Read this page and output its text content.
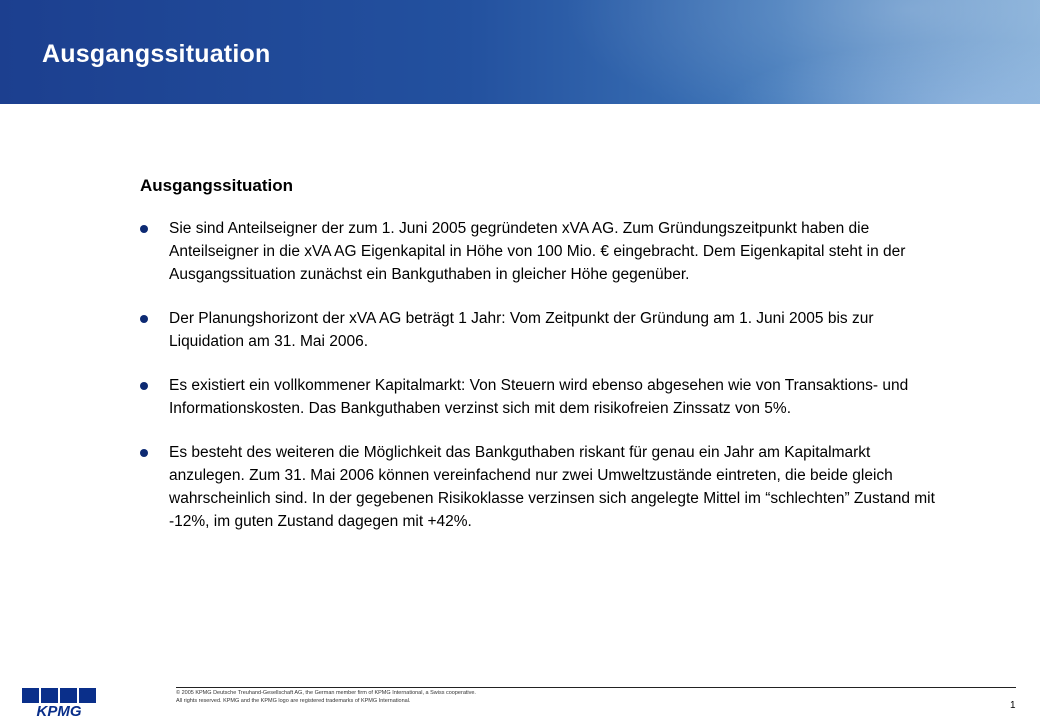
Ausgangssituation
Ausgangssituation
Sie sind Anteilseigner der zum 1. Juni 2005 gegründeten xVA AG. Zum Gründungszeitpunkt haben die Anteilseigner in die xVA AG Eigenkapital in Höhe von 100 Mio. € eingebracht. Dem Eigenkapital steht in der Ausgangssituation zunächst ein Bankguthaben in gleicher Höhe gegenüber.
Der Planungshorizont der xVA AG beträgt 1 Jahr: Vom Zeitpunkt der Gründung am 1. Juni 2005 bis zur Liquidation am 31. Mai 2006.
Es existiert ein vollkommener Kapitalmarkt: Von Steuern wird ebenso abgesehen wie von Transaktions- und Informationskosten. Das Bankguthaben verzinst sich mit dem risikofreien Zinssatz von 5%.
Es besteht des weiteren die Möglichkeit das Bankguthaben riskant für genau ein Jahr am Kapitalmarkt anzulegen. Zum 31. Mai 2006 können vereinfachend nur zwei Umweltzustände eintreten, die beide gleich wahrscheinlich sind. In der gegebenen Risikoklasse verzinsen sich angelegte Mittel im “schlechten” Zustand mit -12%, im guten Zustand dagegen mit +42%.
KPMG
© 2005 KPMG Deutsche Treuhand-Gesellschaft AG, the German member firm of KPMG International, a Swiss cooperative.
All rights reserved. KPMG and the KPMG logo are registered trademarks of KPMG International.	1
